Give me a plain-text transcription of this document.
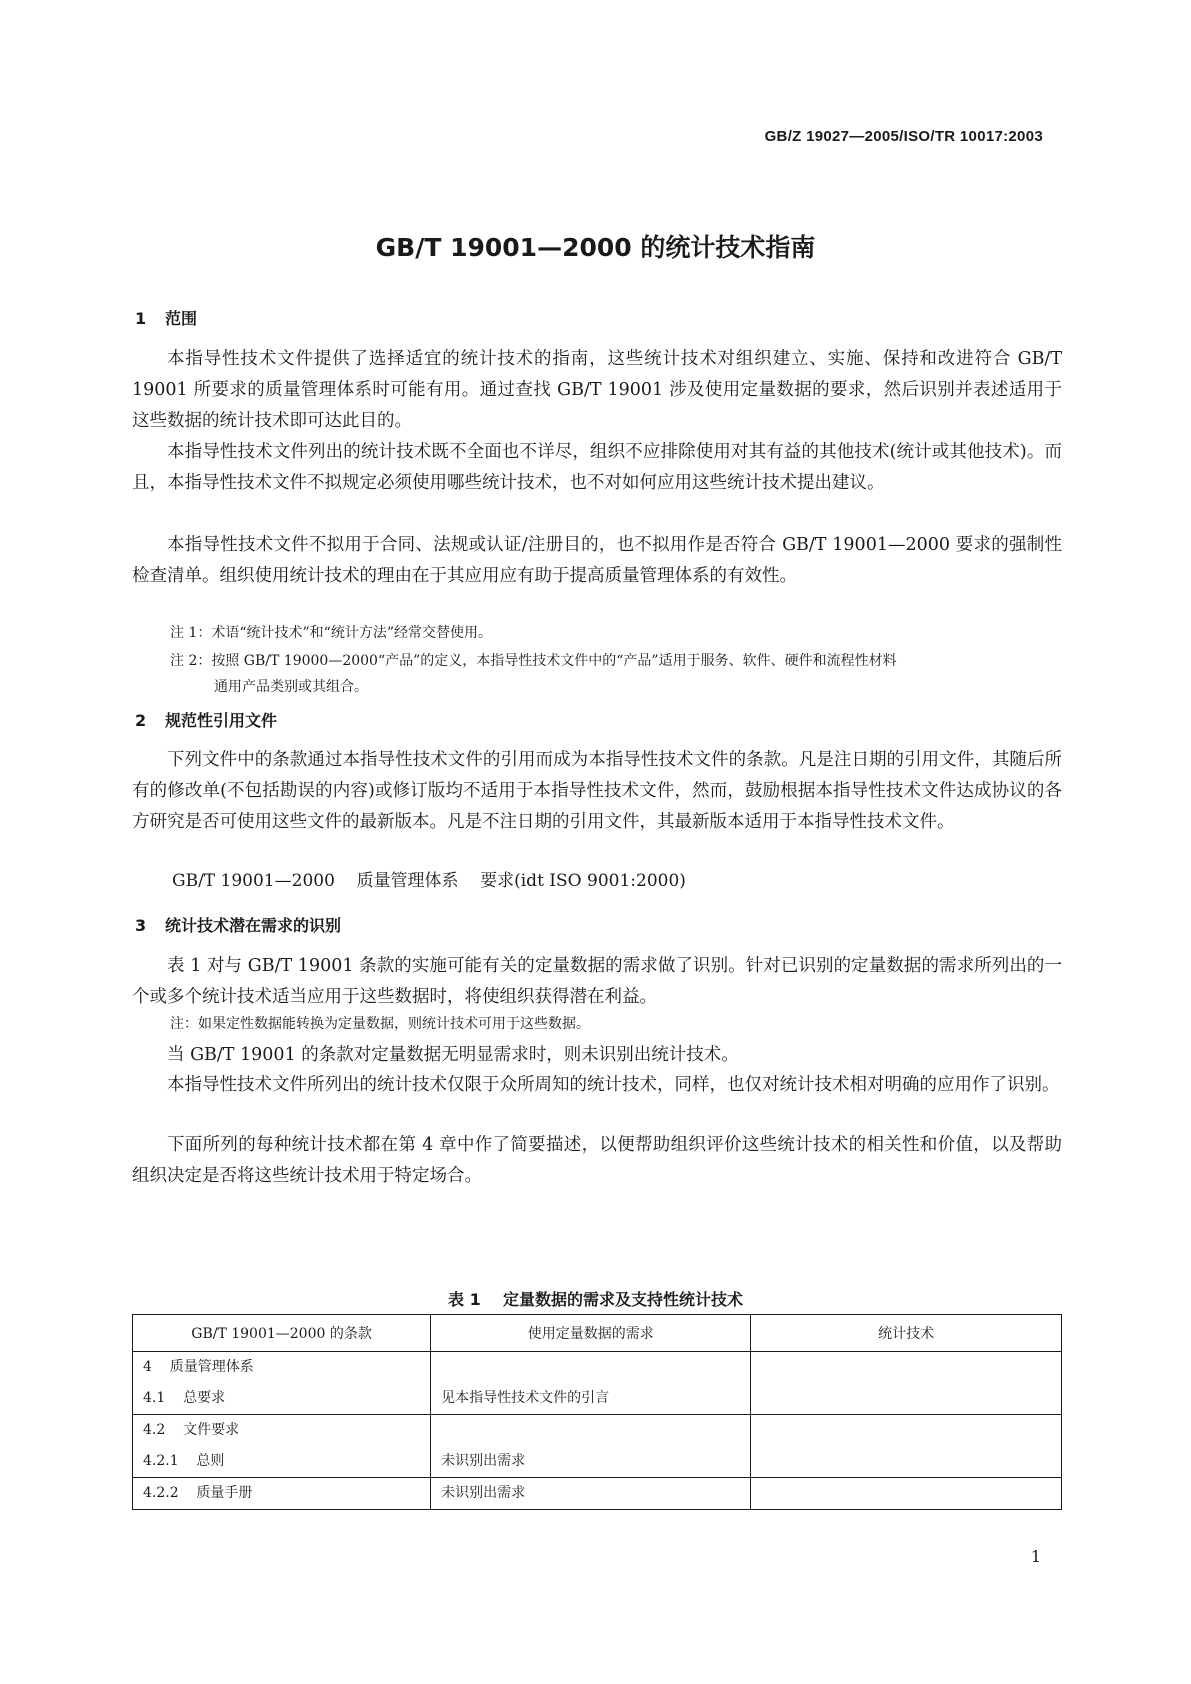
GB/Z 19027—2005/ISO/TR 10017:2003
GB/T 19001—2000 的统计技术指南
1 范围

本指导性技术文件提供了选择适宜的统计技术的指南，这些统计技术对组织建立、实施、保持和改进符合 GB/T 19001 所要求的质量管理体系时可能有用。通过查找 GB/T 19001 涉及使用定量数据的要求，然后识别并表述适用于这些数据的统计技术即可达此目的。

本指导性技术文件列出的统计技术既不全面也不详尽，组织不应排除使用对其有益的其他技术(统计或其他技术)。而且，本指导性技术文件不拟规定必须使用哪些统计技术，也不对如何应用这些统计技术提出建议。

本指导性技术文件不拟用于合同、法规或认证/注册目的，也不拟用作是否符合 GB/T 19001—2000 要求的强制性检查清单。组织使用统计技术的理由在于其应用应有助于提高质量管理体系的有效性。

注 1：术语“统计技术”和“统计方法”经常交替使用。

注 2：按照 GB/T 19000—2000“产品”的定义，本指导性技术文件中的“产品”适用于服务、软件、硬件和流程性材料
通用产品类别或其组合。

2 规范性引用文件

下列文件中的条款通过本指导性技术文件的引用而成为本指导性技术文件的条款。凡是注日期的引用文件，其随后所有的修改单(不包括勘误的内容)或修订版均不适用于本指导性技术文件，然而，鼓励根据本指导性技术文件达成协议的各方研究是否可使用这些文件的最新版本。凡是不注日期的引用文件，其最新版本适用于本指导性技术文件。

GB/T 19001—2000    质量管理体系    要求(idt ISO 9001:2000)

3 统计技术潜在需求的识别

表 1 对与 GB/T 19001 条款的实施可能有关的定量数据的需求做了识别。针对已识别的定量数据的需求所列出的一个或多个统计技术适当应用于这些数据时，将使组织获得潜在利益。

注：如果定性数据能转换为定量数据，则统计技术可用于这些数据。

当 GB/T 19001 的条款对定量数据无明显需求时，则未识别出统计技术。

本指导性技术文件所列出的统计技术仅限于众所周知的统计技术，同样，也仅对统计技术相对明确的应用作了识别。

下面所列的每种统计技术都在第 4 章中作了简要描述，以便帮助组织评价这些统计技术的相关性和价值，以及帮助组织决定是否将这些统计技术用于特定场合。

表 1    定量数据的需求及支持性统计技术

GB/T 19001—2000 的条款	使用定量数据的需求	统计技术

4    质量管理体系
4.1    总要求	见本指导性技术文件的引言	

4.2    文件要求
4.2.1    总则	未识别出需求	

4.2.2    质量手册	未识别出需求	

1
